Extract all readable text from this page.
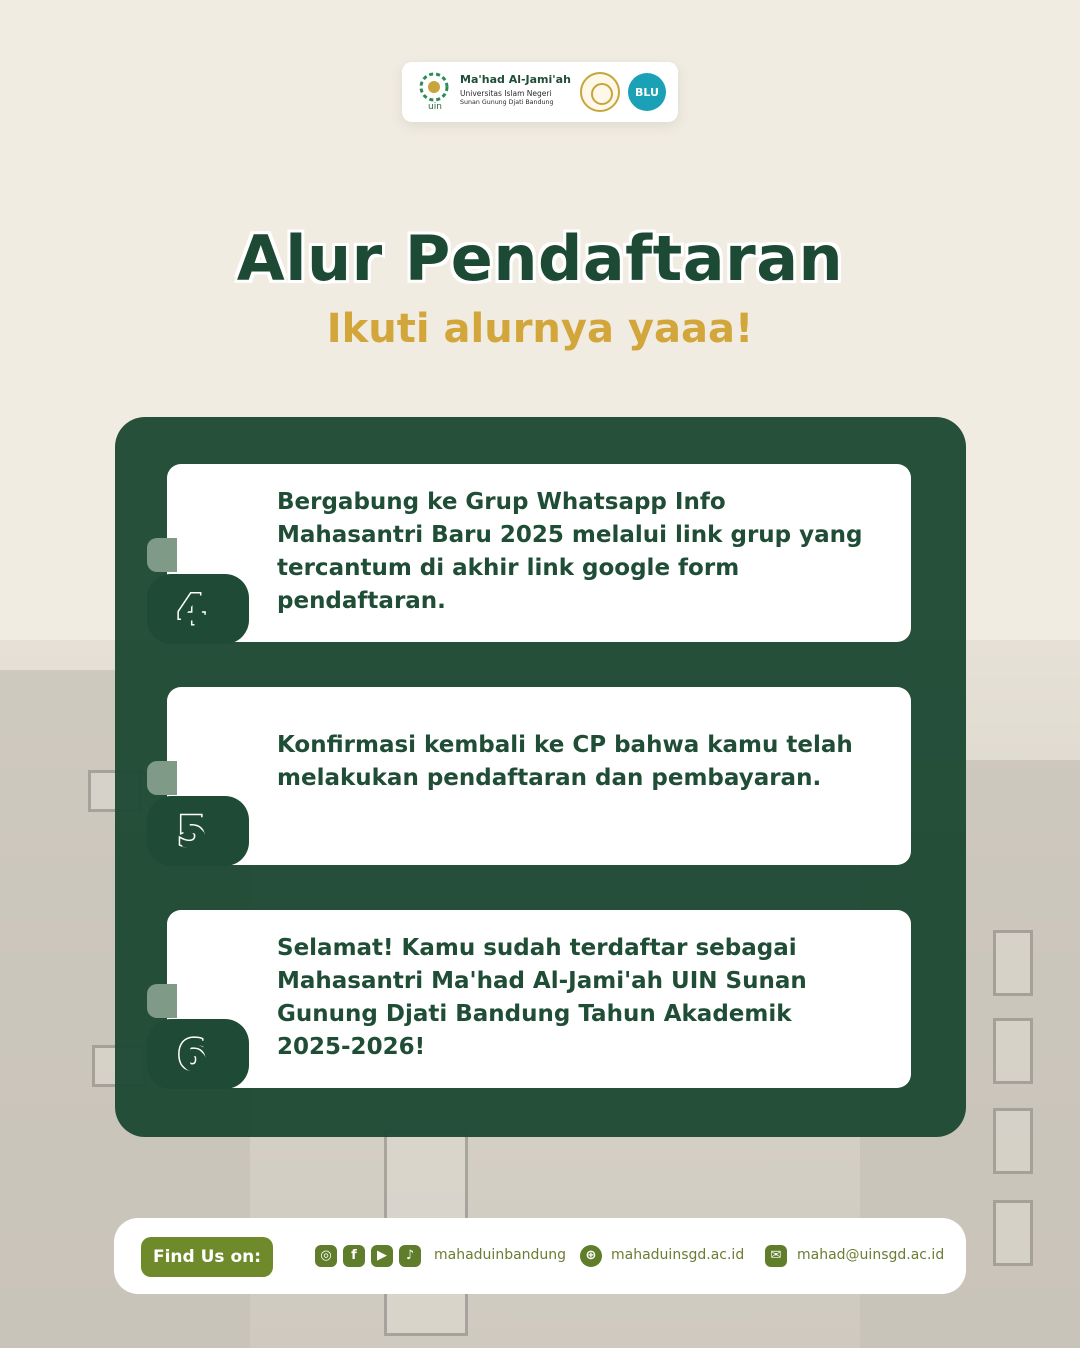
uin
Ma'had Al-Jami'ah
Universitas Islam Negeri
Sunan Gunung Djati Bandung
BLU
Alur Pendaftaran
Ikuti alurnya yaaa!
Bergabung ke Grup Whatsapp Info Mahasantri Baru 2025 melalui link grup yang tercantum di akhir link google form pendaftaran.
4
Konfirmasi kembali ke CP bahwa kamu telah melakukan pendaftaran dan pembayaran.
5
Selamat! Kamu sudah terdaftar sebagai Mahasantri Ma'had Al-Jami'ah UIN Sunan Gunung Djati Bandung Tahun Akademik 2025-2026!
6
Find Us on:	◎	f	▶	♪	mahaduinbandung	⊕	mahaduinsgd.ac.id	✉	mahad@uinsgd.ac.id
